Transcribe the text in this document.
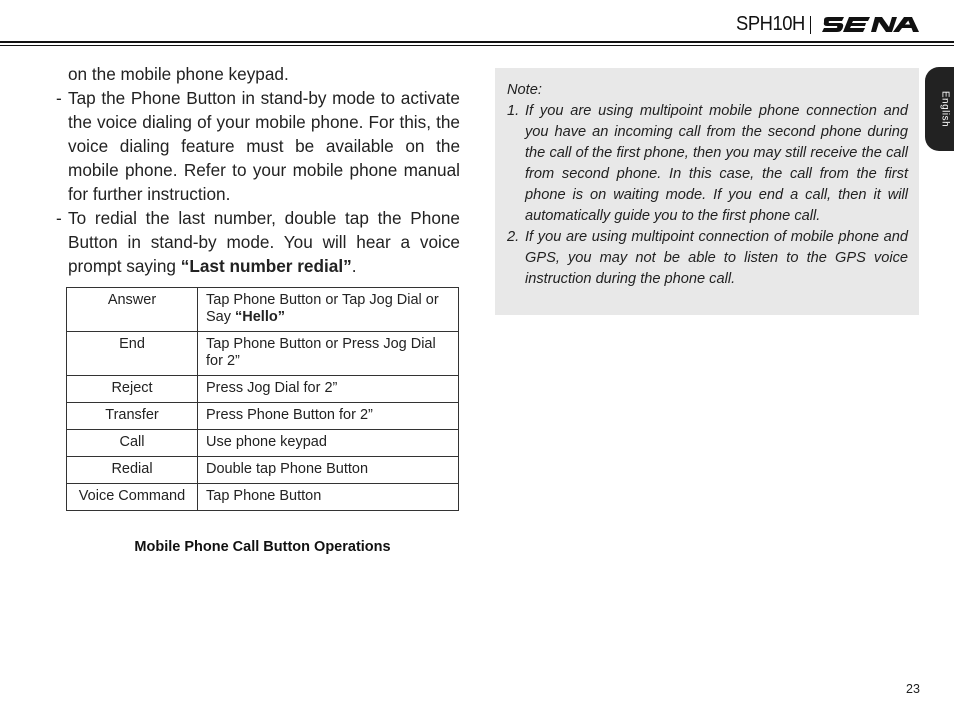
SPH10H
on the mobile phone keypad.
- Tap the Phone Button in stand-by mode to activate the voice dialing of your mobile phone. For this, the voice dialing feature must be available on the mobile phone. Refer to your mobile phone manual for further instruction.
- To redial the last number, double tap the Phone Button in stand-by mode. You will hear a voice prompt saying “Last number redial”.
Answer	Tap Phone Button or Tap Jog Dial or Say “Hello”
End	Tap Phone Button or Press Jog Dial for 2”
Reject	Press Jog Dial for 2”
Transfer	Press Phone Button for 2”
Call	Use phone keypad
Redial	Double tap Phone Button
Voice Command	Tap Phone Button
Mobile Phone Call Button Operations
Note:
1. If you are using multipoint mobile phone connection and you have an incoming call from the second phone during the call of the first phone, then you may still receive the call from second phone. In this case, the call from the first phone is on waiting mode. If you end a call, then it will automatically guide you to the first phone call.
2. If you are using multipoint connection of mobile phone and GPS, you may not be able to listen to the GPS voice instruction during the phone call.
English
23
